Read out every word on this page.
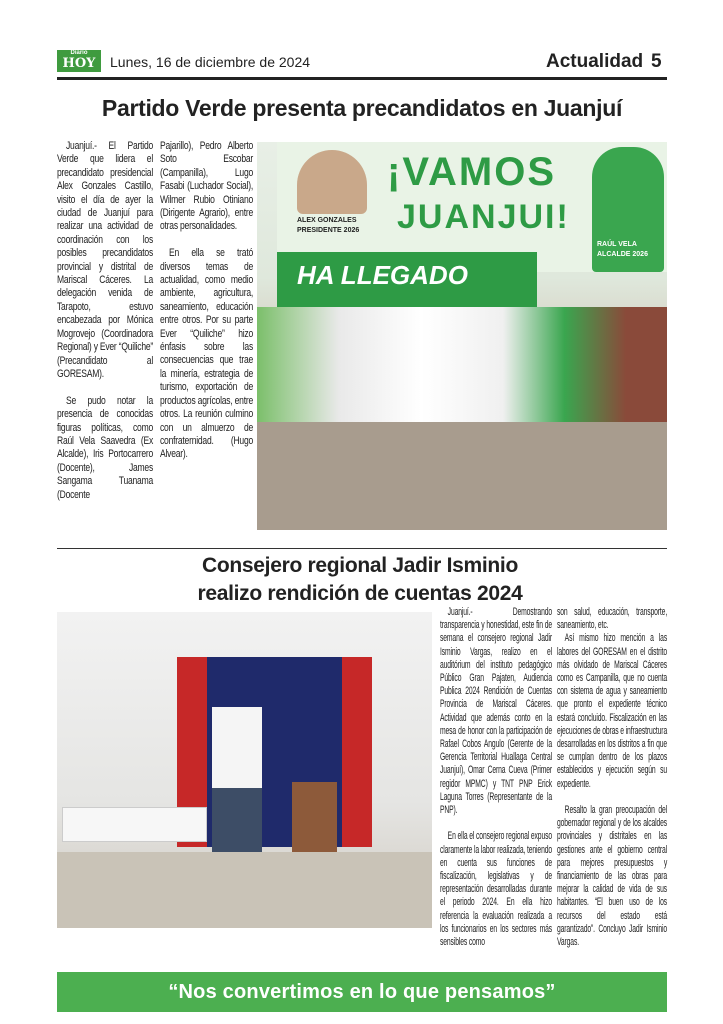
Diario
HOY	Lunes, 16 de diciembre de 2024	Actualidad 5
Partido Verde presenta precandidatos en Juanjuí

Juanjuí.- El Partido Verde que lidera el precandidato presidencial Alex Gonzales Castillo, visito el día de ayer la ciudad de Juanjuí para realizar una actividad de coordinación con los posibles precandidatos provincial y distrital de Mariscal Cáceres. La delegación venida de Tarapoto, estuvo encabezada por Mónica Mogrovejo (Coordinadora Regional) y Ever “Quiliche” (Precandidato al GORESAM).

Se pudo notar la presencia de conocidas figuras políticas, como Raúl Vela Saavedra (Ex Alcalde), Iris Portocarrero (Docente), James Sangama Tuanama (Docente

Pajarillo), Pedro Alberto Soto Escobar (Campanilla), Lugo Fasabi (Luchador Social), Wilmer Rubio Otiniano (Dirigente Agrario), entre otras personalidades.

En ella se trató diversos temas de actualidad, como medio ambiente, agricultura, saneamiento, educación entre otros. Por su parte Ever “Quiliche” hizo énfasis sobre las consecuencias que trae la minería, estrategia de turismo, exportación de productos agrícolas, entre otros. La reunión culmino con un almuerzo de confraternidad. (Hugo Alvear).

ALEX GONZALES
PRESIDENTE 2026
¡VAMOS
JUANJUI!
RAÚL VELA
ALCALDE 2026
HA LLEGADO
Consejero regional Jadir Isminio
realizo rendición de cuentas 2024

Juanjuí.- Demostrando transparencia y honestidad, este fin de semana el consejero regional Jadir Isminio Vargas, realizo en el auditórium del instituto pedagógico Público Gran Pajaten, Audiencia Publica 2024 Rendición de Cuentas Provincia de Mariscal Cáceres. Actividad que además conto en la mesa de honor con la participación de Rafael Cobos Angulo (Gerente de la Gerencia Territorial Huallaga Central Juanjuí), Omar Cerna Cueva (Primer regidor MPMC) y TNT PNP Erick Laguna Torres (Representante de la PNP).

En ella el consejero regional expuso claramente la labor realizada, teniendo en cuenta sus funciones de fiscalización, legislativas y de representación desarrolladas durante el periodo 2024. En ella hizo referencia la evaluación realizada a los funcionarios en los sectores más sensibles como

son salud, educación, transporte, saneamiento, etc.

Así mismo hizo mención a las labores del GORESAM en el distrito más olvidado de Mariscal Cáceres como es Campanilla, que no cuenta con sistema de agua y saneamiento que pronto el expediente técnico estará concluido. Fiscalización en las ejecuciones de obras e infraestructura desarrolladas en los distritos a fin que se cumplan dentro de los plazos establecidos y ejecución según su expediente.

Resalto la gran preocupación del gobernador regional y de los alcaldes provinciales y distritales en las gestiones ante el gobierno central para mejores presupuestos y financiamiento de las obras para mejorar la calidad de vida de sus habitantes. “El buen uso de los recursos del estado está garantizado”. Concluyo Jadir Isminio Vargas.

“Nos convertimos en lo que pensamos”
